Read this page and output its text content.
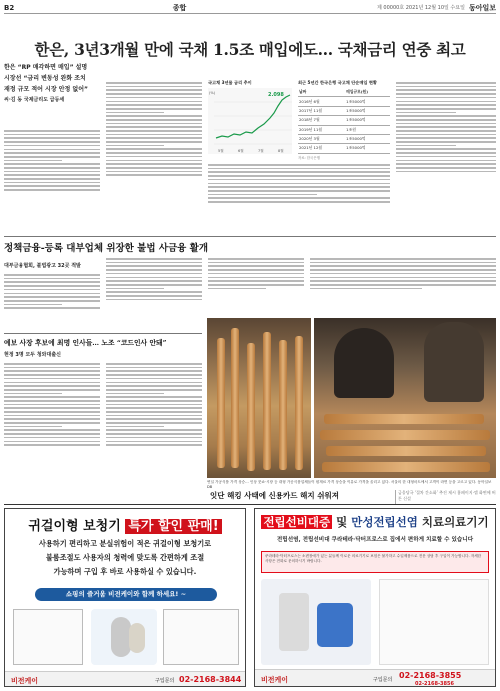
B2	종합	제 00000호 2021년 12월 10일 수요일 동아일보
한은, 3년3개월 만에 국채 1.5조 매입에도… 국채금리 연중 최고
한은 “RP 매각하면 매입” 설명
시장선 “금리 변동성 완화 조치
재정 규모 적어 시장 안정 없어”
씨·김 동 국제금리도 급등세
국고채 3년물 금리 추이
2.098
(%)
5월	6월	7월	8월
최근 5년간 한국은행 국고채 단순매입 현황
날짜	매입규모(원)
2016년 6월	1조5000억
2017년 11월	1조5000억
2018년 7월	1조5000억
2019년 11월	1조원
2020년 3월	1조5000억
2021년 12월	1조5000억
자료: 한국은행
정책금융-등록 대부업체 위장한 불법 사금융 활개
대부금융협회, 불법광고 32곳 적발
예보 사장 후보에 최명 인사들… 노조 “코드인사 안돼”
현정 3명 모두 청와대출신
연일 가공식품 가격 상승… 인상 붓쇼·시장 등 대형 가공식품업체들이 원재료 가격 상승을 이유로 가격을 올리고 있다. 서울의 한 대형마트에서 고객이 라면 등을 고르고 있다. 동아일보 DB
잇단 해킹 사태에 신용카드 해지 쉬워져	금융당국 ‘절차 간소화’ 추진 제시 홈페이지·앱 화면에 버튼 신설
귀걸이형 보청기 특가 할인 판매!
사용하기 편리하고 분실위험이 적은 귀걸이형 보청기로
불룸조절도 사용자의 청력에 맞도록 간편하게 조절
가능하며 구입 후 바로 사용하실 수 있습니다.
쇼핑의 즐거움 비전케이와 함께 하세요! ~
비전케이	구입문의 02-2168-3844
전립선비대증 및 만성전립선염 치료의료기기
전립선염, 전립선비대 쿠라테라·닥터프로스로 집에서 편하게 치료할 수 있습니다
쿠라테라·닥터프로스는 소변장애가 있는 분들께 이로운 의료기기로 보험은 불가하고 수입제품으로 전문 상담 후 구입이 가능합니다. 자세한 사항은 전화로 문의하시기 바랍니다.
비전케이	구입문의 02-2168-3855
02-2168-3856
